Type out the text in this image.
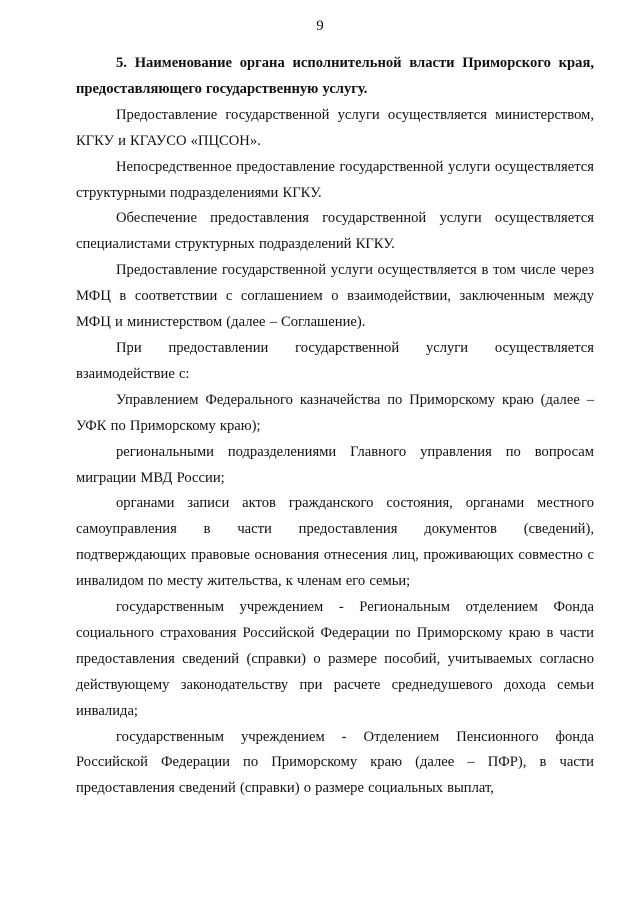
9

5. Наименование органа исполнительной власти Приморского края, предоставляющего государственную услугу.

Предоставление государственной услуги осуществляется министерством, КГКУ и КГАУСО «ПЦСОН».

Непосредственное предоставление государственной услуги осуществляется структурными подразделениями КГКУ.

Обеспечение предоставления государственной услуги осуществляется специалистами структурных подразделений КГКУ.

Предоставление государственной услуги осуществляется в том числе через МФЦ в соответствии с соглашением о взаимодействии, заключенным между МФЦ и министерством (далее – Соглашение).

При предоставлении государственной услуги осуществляется взаимодействие с:

Управлением Федерального казначейства по Приморскому краю (далее – УФК по Приморскому краю);

региональными подразделениями Главного управления по вопросам миграции МВД России;

органами записи актов гражданского состояния, органами местного самоуправления в части предоставления документов (сведений), подтверждающих правовые основания отнесения лиц, проживающих совместно с инвалидом по месту жительства, к членам его семьи;

государственным учреждением - Региональным отделением Фонда социального страхования Российской Федерации по Приморскому краю в части предоставления сведений (справки) о размере пособий, учитываемых согласно действующему законодательству при расчете среднедушевого дохода семьи инвалида;

государственным учреждением - Отделением Пенсионного фонда Российской Федерации по Приморскому краю (далее – ПФР), в части предоставления сведений (справки) о размере социальных выплат,
